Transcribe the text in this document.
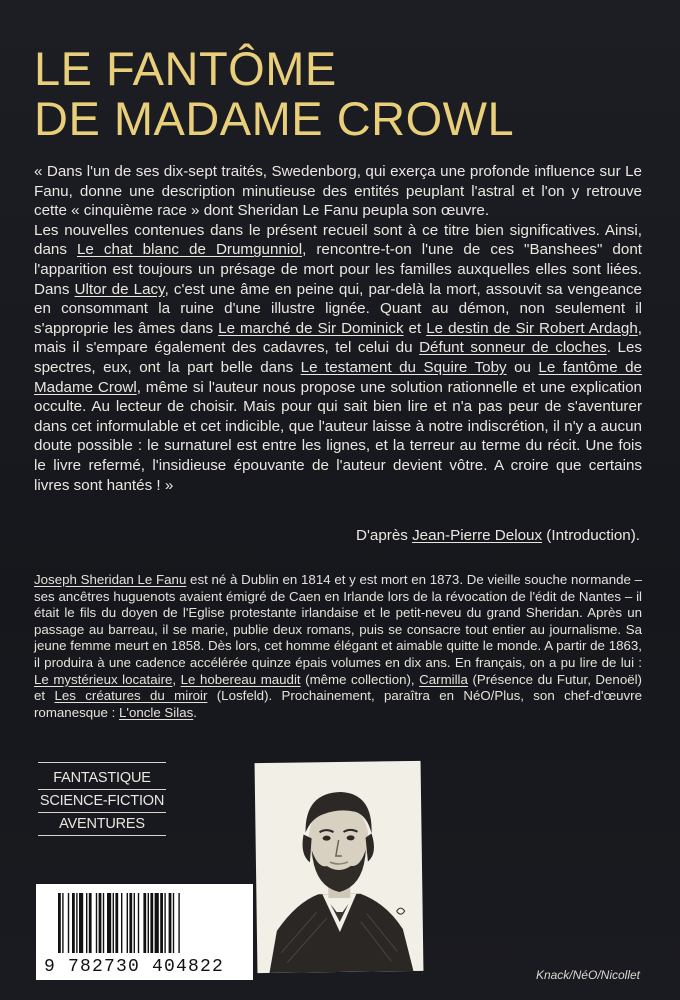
LE FANTÔME
DE MADAME CROWL

« Dans l'un de ses dix-sept traités, Swedenborg, qui exerça une profonde influence sur Le Fanu, donne une description minutieuse des entités peuplant l'astral et l'on y retrouve cette « cinquième race » dont Sheridan Le Fanu peupla son œuvre.

Les nouvelles contenues dans le présent recueil sont à ce titre bien significatives. Ainsi, dans Le chat blanc de Drumgunniol, rencontre-t-on l'une de ces "Banshees" dont l'apparition est toujours un présage de mort pour les familles auxquelles elles sont liées. Dans Ultor de Lacy, c'est une âme en peine qui, par-delà la mort, assouvit sa vengeance en consommant la ruine d'une illustre lignée. Quant au démon, non seulement il s'approprie les âmes dans Le marché de Sir Dominick et Le destin de Sir Robert Ardagh, mais il s'empare également des cadavres, tel celui du Défunt sonneur de cloches. Les spectres, eux, ont la part belle dans Le testament du Squire Toby ou Le fantôme de Madame Crowl, même si l'auteur nous propose une solution rationnelle et une explication occulte. Au lecteur de choisir. Mais pour qui sait bien lire et n'a pas peur de s'aventurer dans cet informulable et cet indicible, que l'auteur laisse à notre indiscrétion, il n'y a aucun doute possible : le surnaturel est entre les lignes, et la terreur au terme du récit. Une fois le livre refermé, l'insidieuse épouvante de l'auteur devient vôtre. A croire que certains livres sont hantés ! »

D'après Jean-Pierre Deloux (Introduction).

Joseph Sheridan Le Fanu est né à Dublin en 1814 et y est mort en 1873. De vieille souche normande – ses ancêtres huguenots avaient émigré de Caen en Irlande lors de la révocation de l'édit de Nantes – il était le fils du doyen de l'Eglise protestante irlandaise et le petit-neveu du grand Sheridan. Après un passage au barreau, il se marie, publie deux romans, puis se consacre tout entier au journalisme. Sa jeune femme meurt en 1858. Dès lors, cet homme élégant et aimable quitte le monde. A partir de 1863, il produira à une cadence accélérée quinze épais volumes en dix ans. En français, on a pu lire de lui : Le mystérieux locataire, Le hobereau maudit (même collection), Carmilla (Présence du Futur, Denoël) et Les créatures du miroir (Losfeld). Prochainement, paraîtra en NéO/Plus, son chef-d'œuvre romanesque : L'oncle Silas.

FANTASTIQUE
SCIENCE-FICTION
AVENTURES
9 782730 404822	Knack/NéO/Nicollet
